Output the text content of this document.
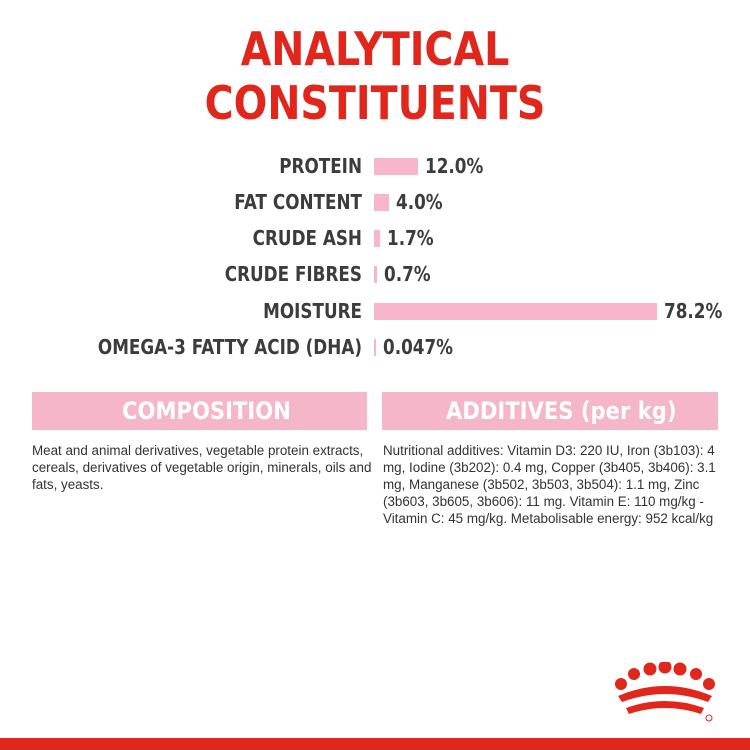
ANALYTICAL
CONSTITUENTS
PROTEIN	12.0%
FAT CONTENT 4.0%
CRUDE ASH 1.7%
CRUDE FIBRES 0.7%
MOISTURE	78.2%
OMEGA-3 FATTY ACID (DHA) 0.047%
COMPOSITION	ADDITIVES (per kg)
Meat and animal derivatives, vegetable protein extracts, cereals, derivatives of vegetable origin, minerals, oils and fats, yeasts.
Nutritional additives: Vitamin D3: 220 IU, Iron (3b103): 4 mg, Iodine (3b202): 0.4 mg, Copper (3b405, 3b406): 3.1 mg, Manganese (3b502, 3b503, 3b504): 1.1 mg, Zinc (3b603, 3b605, 3b606): 11 mg. Vitamin E: 110 mg/kg - Vitamin C: 45 mg/kg. Metabolisable energy: 952 kcal/kg
